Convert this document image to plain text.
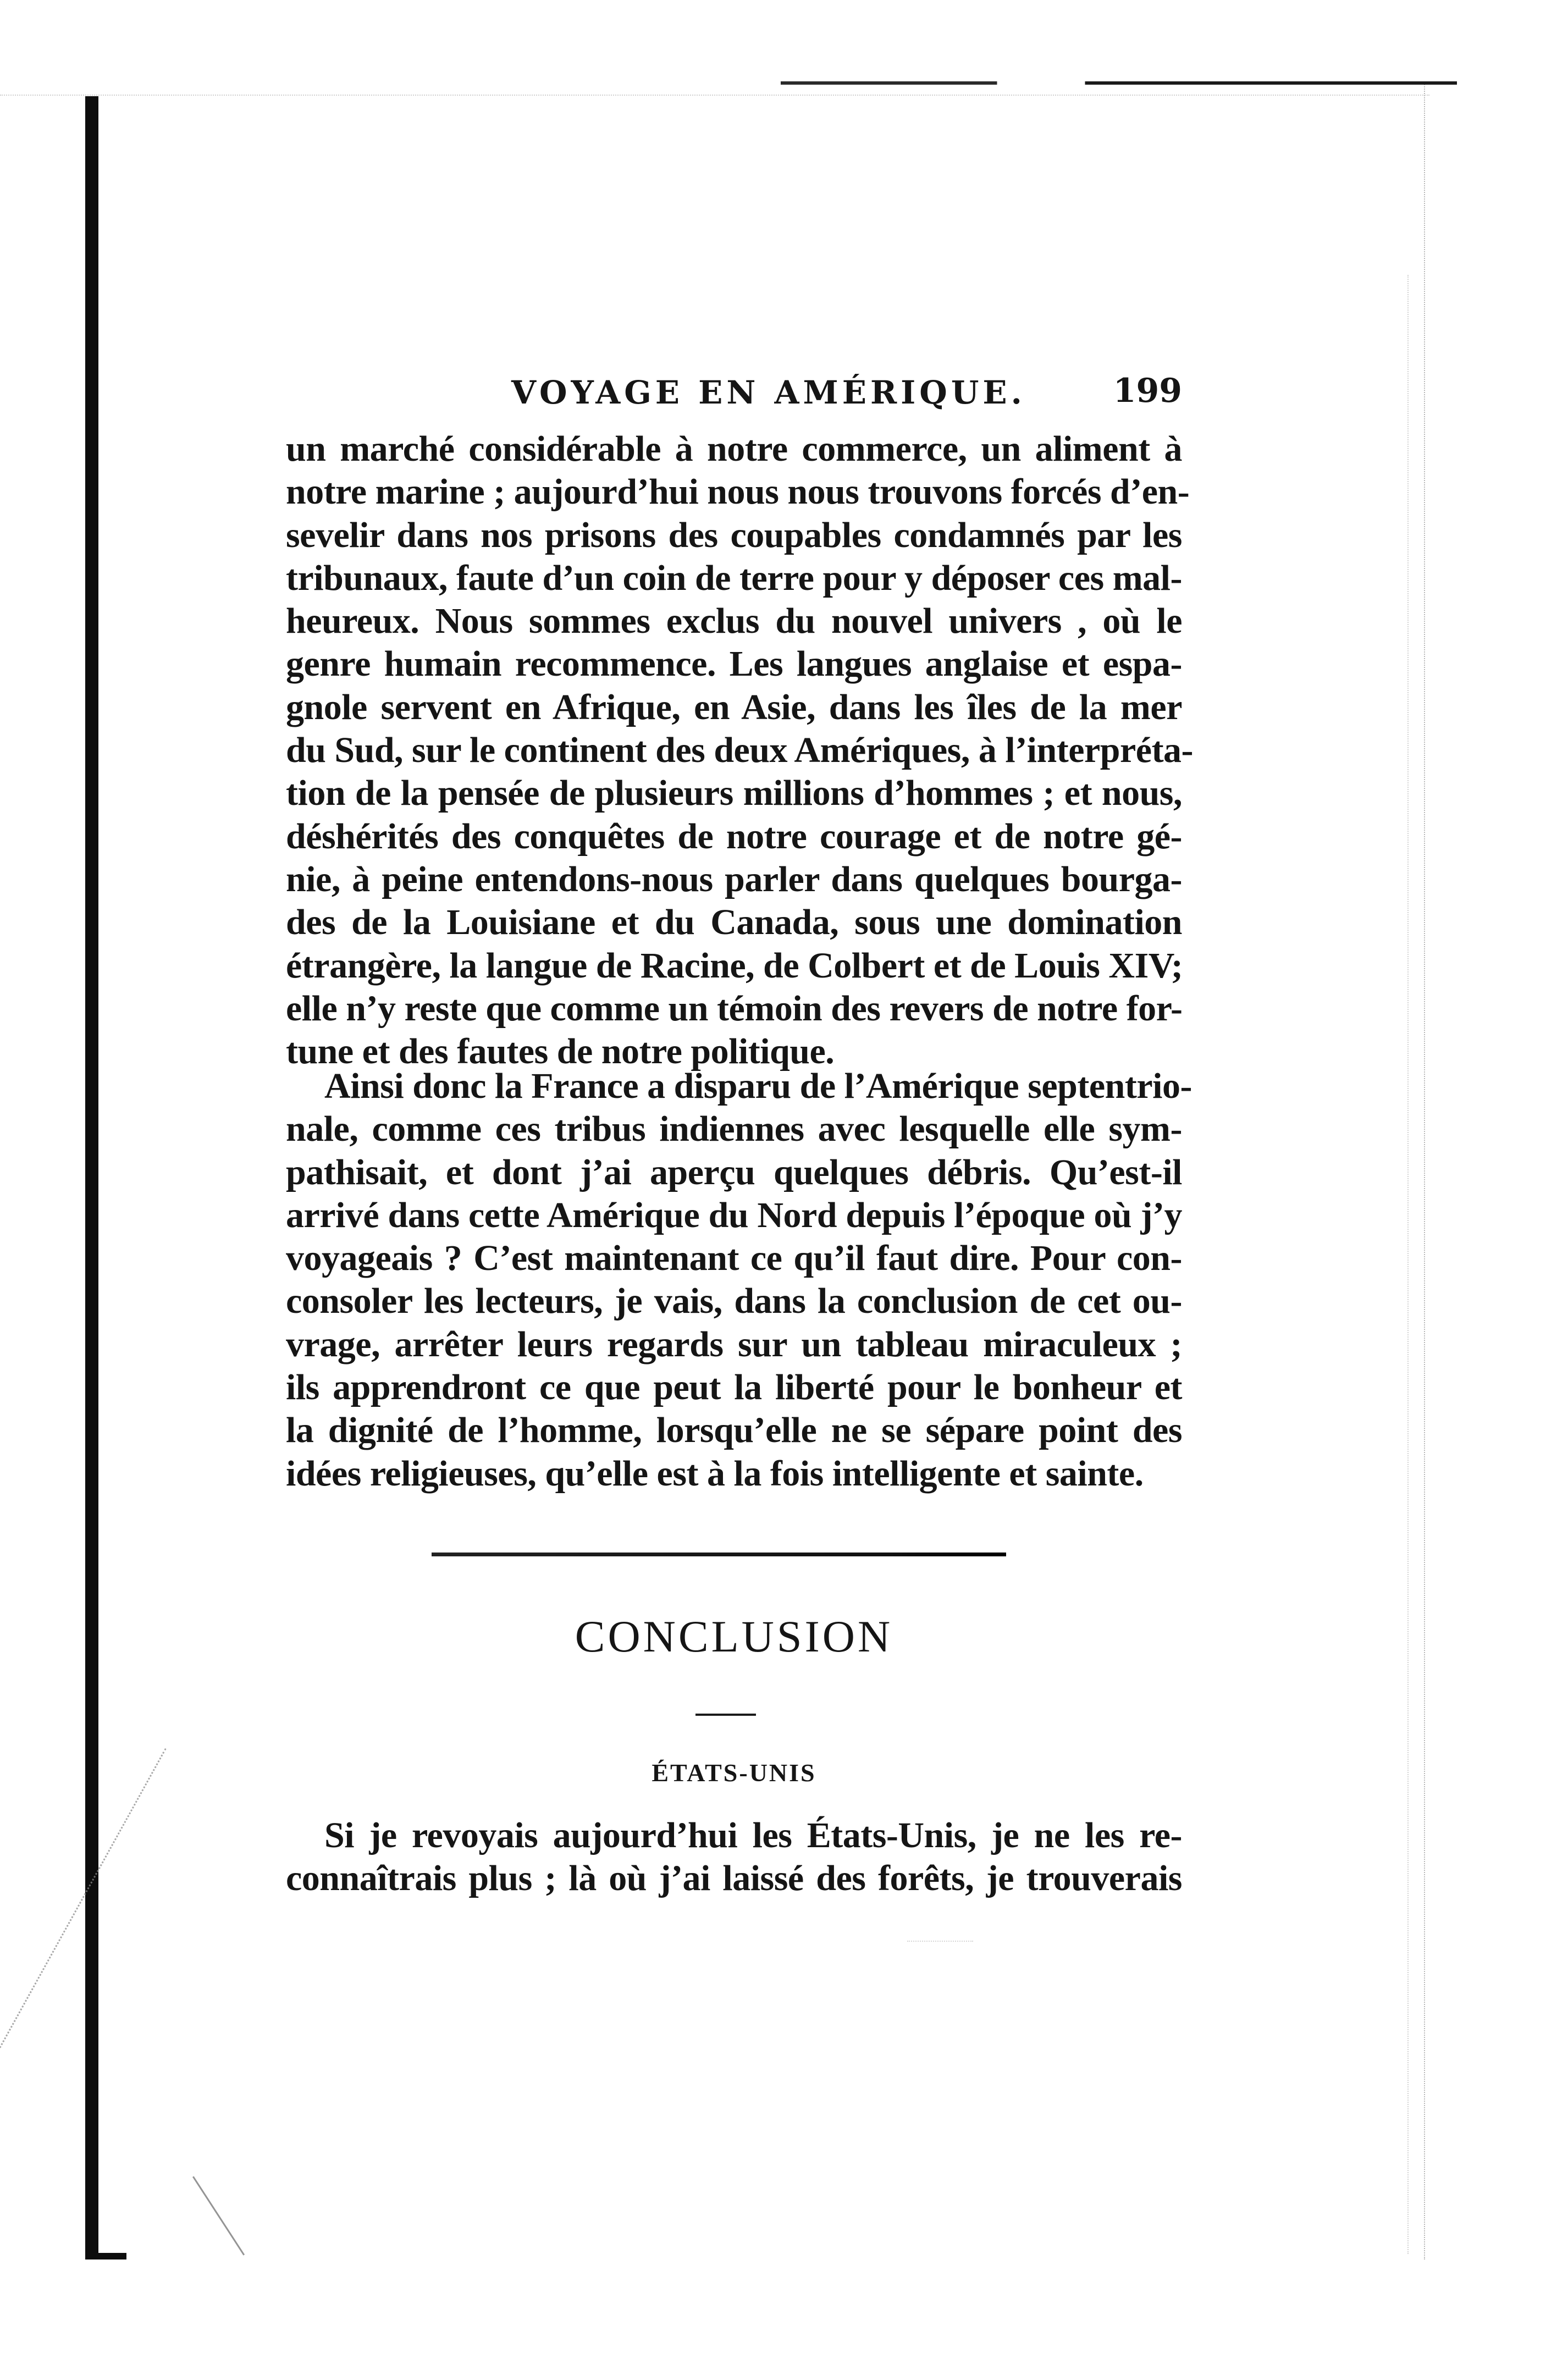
VOYAGE EN AMÉRIQUE.	199
un marché considérable à notre commerce, un aliment à
notre marine ; aujourd’hui nous nous trouvons forcés d’en-
sevelir dans nos prisons des coupables condamnés par les
tribunaux, faute d’un coin de terre pour y déposer ces mal-
heureux. Nous sommes exclus du nouvel univers , où le
genre humain recommence. Les langues anglaise et espa-
gnole servent en Afrique, en Asie, dans les îles de la mer
du Sud, sur le continent des deux Amériques, à l’interpréta-
tion de la pensée de plusieurs millions d’hommes ; et nous,
déshérités des conquêtes de notre courage et de notre gé-
nie, à peine entendons-nous parler dans quelques bourga-
des de la Louisiane et du Canada, sous une domination
étrangère, la langue de Racine, de Colbert et de Louis XIV;
elle n’y reste que comme un témoin des revers de notre for-
tune et des fautes de notre politique.
Ainsi donc la France a disparu de l’Amérique septentrio-
nale, comme ces tribus indiennes avec lesquelle elle sym-
pathisait, et dont j’ai aperçu quelques débris. Qu’est-il
arrivé dans cette Amérique du Nord depuis l’époque où j’y
voyageais ? C’est maintenant ce qu’il faut dire. Pour con-
consoler les lecteurs, je vais, dans la conclusion de cet ou-
vrage, arrêter leurs regards sur un tableau miraculeux ;
ils apprendront ce que peut la liberté pour le bonheur et
la dignité de l’homme, lorsqu’elle ne se sépare point des
idées religieuses, qu’elle est à la fois intelligente et sainte.
CONCLUSION
ÉTATS-UNIS
Si je revoyais aujourd’hui les États-Unis, je ne les re-
connaîtrais plus ; là où j’ai laissé des forêts, je trouverais
